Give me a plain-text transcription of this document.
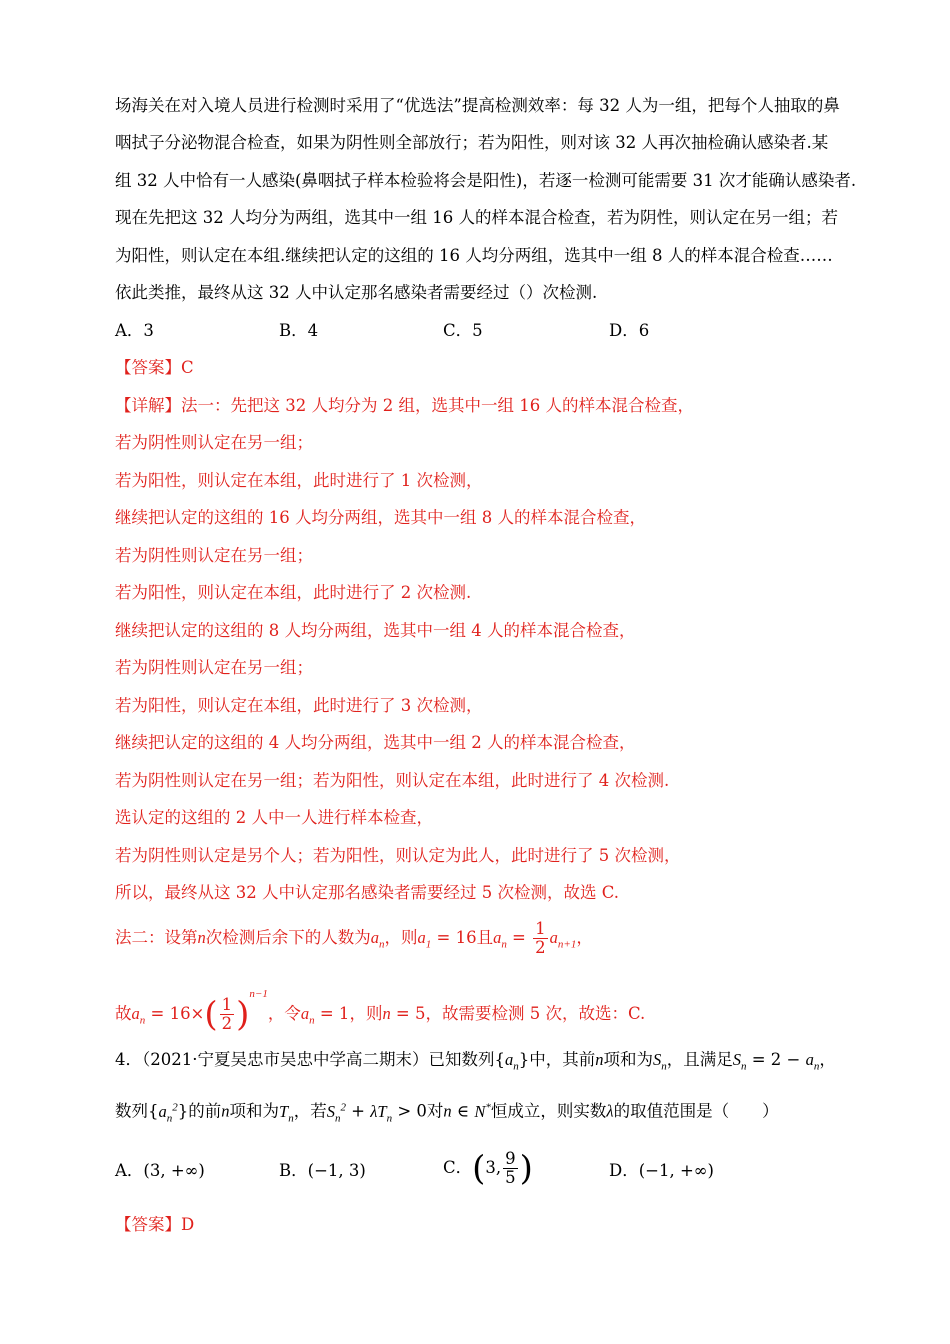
场海关在对入境人员进行检测时采用了“优选法”提高检测效率：每 32 人为一组，把每个人抽取的鼻
咽拭子分泌物混合检查，如果为阴性则全部放行；若为阳性，则对该 32 人再次抽检确认感染者.某
组 32 人中恰有一人感染(鼻咽拭子样本检验将会是阳性)，若逐一检测可能需要 31 次才能确认感染者.
现在先把这 32 人均分为两组，选其中一组 16 人的样本混合检查，若为阴性，则认定在另一组；若
为阳性，则认定在本组.继续把认定的这组的 16 人均分两组，选其中一组 8 人的样本混合检查……
依此类推，最终从这 32 人中认定那名感染者需要经过（）次检测.
A．3	B．4	C．5	D．6
【答案】C
【详解】法一：先把这 32 人均分为 2 组，选其中一组 16 人的样本混合检查，
若为阴性则认定在另一组；
若为阳性，则认定在本组，此时进行了 1 次检测，
继续把认定的这组的 16 人均分两组，选其中一组 8 人的样本混合检查，
若为阴性则认定在另一组；
若为阳性，则认定在本组，此时进行了 2 次检测.
继续把认定的这组的 8 人均分两组，选其中一组 4 人的样本混合检查，
若为阴性则认定在另一组；
若为阳性，则认定在本组，此时进行了 3 次检测，
继续把认定的这组的 4 人均分两组，选其中一组 2 人的样本混合检查，
若为阴性则认定在另一组；若为阳性，则认定在本组，此时进行了 4 次检测.
选认定的这组的 2 人中一人进行样本检查，
若为阴性则认定是另个人；若为阳性，则认定为此人，此时进行了 5 次检测，
所以，最终从这 32 人中认定那名感染者需要经过 5 次检测，故选 C.
法二：设第n次检测后余下的人数为$a_n$，则$a_1 = 16$且$a_n = \frac{1}{2} a_{n+1}$，
故$a_n = 16\times( \frac{1}{2} )^{n-1}$，令$a_n = 1$，则n = 5，故需要检测 5 次，故选：C.
4．（2021·宁夏吴忠市吴忠中学高二期末）已知数列$\{a_n\}$中，其前n项和为$S_n$，且满足$S_n = 2 - a_n$，
数列$\{a_n^2\}$的前n项和为$T_n$，若$S_n^2 + \lambda T_n > 0$对n ∈ N*恒成立，则实数λ的取值范围是（　　）
A．(3, +∞)	B．(−1, 3)	C．(3, $\frac{9}{5}$ )	D．(−1, +∞)
【答案】D
